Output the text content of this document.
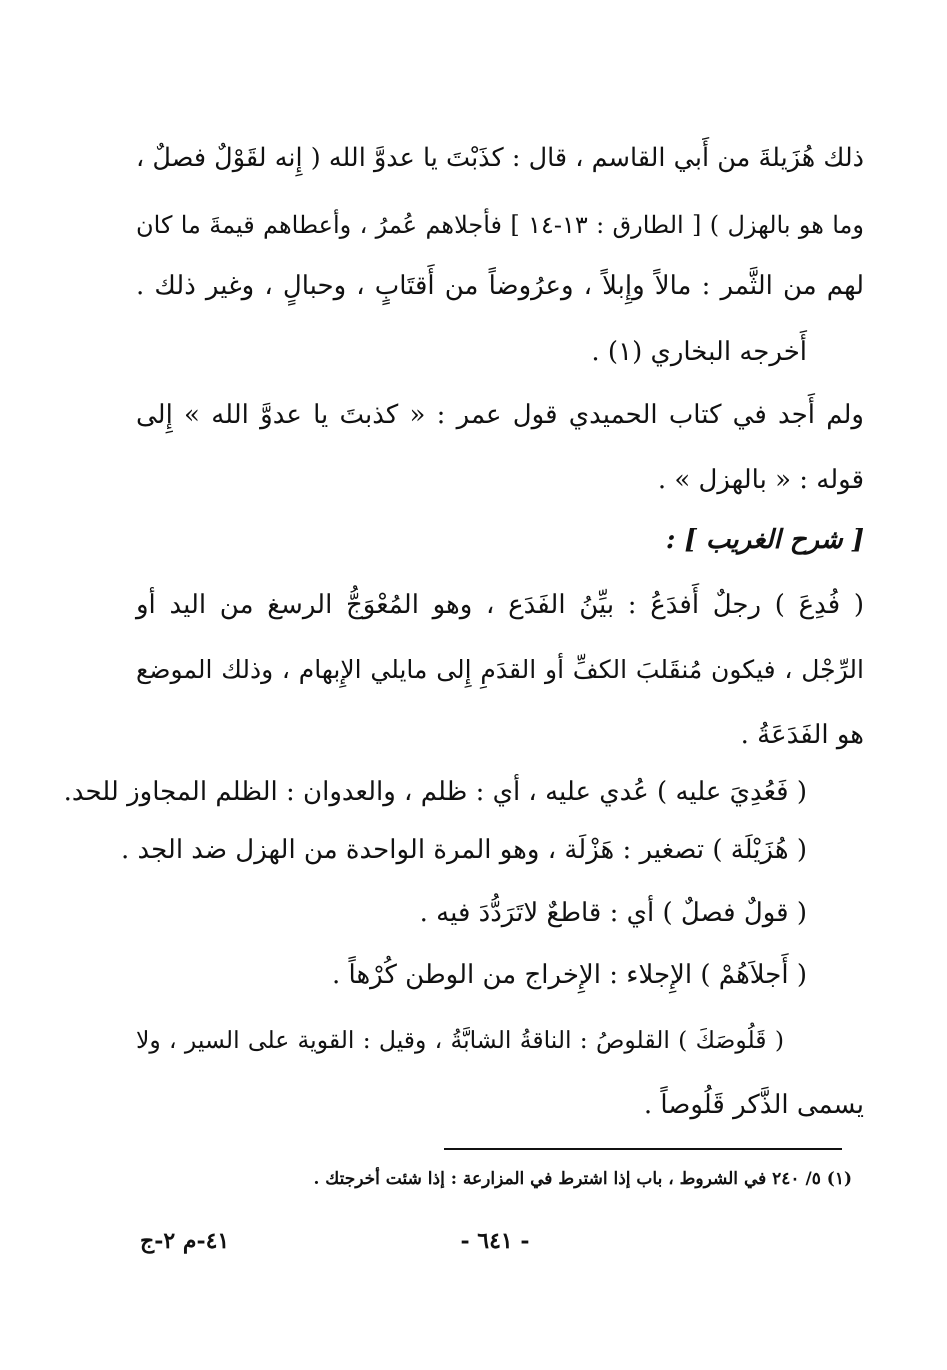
ذلك هُزَيلةَ من أَبي القاسم ، قال : كذَبْتَ يا عدوَّ الله ( إِنه لقَوْلٌ فصلٌ ،
وما هو بالهزل ) [ الطارق : ١٣-١٤ ] فأجلاهم عُمرُ ، وأعطاهم قيمةَ ما كان
لهم من الثَّمر : مالاً وإِبلاً ، وعرُوضاً من أَقتَابٍ ، وحبالٍ ، وغير ذلك .
أَخرجه البخاري (١) .
ولم أَجد في كتاب الحميدي قول عمر : « كذبتَ يا عدوَّ الله » إِلى
قوله : « بالهزل » .
[ شرح الغريب ] :
( فُدِعَ ) رجلٌ أَفدَعُ : بيِّنُ الفَدَع ، وهو المُعْوَجُّ الرسغ من اليد أو
الرِّجْل ، فيكون مُنقَلبَ الكفِّ أو القدَمِ إِلى مايلي الإِبهام ، وذلك الموضع
هو الفَدَعَةُ .
( فَعُدِيَ عليه ) عُدي عليه ، أي : ظلم ، والعدوان : الظلم المجاوز للحد.
( هُزَيْلَة ) تصغير : هَزْلَة ، وهو المرة الواحدة من الهزل ضد الجد .
( قولٌ فصلٌ ) أي : قاطعٌ لاتَرَدُّدَ فيه .
( أَجلاَهُمْ ) الإِجلاء : الإِخراج من الوطن كُرْهاً .
( قَلُوصَكَ ) القلوصُ : الناقةُ الشابَّةُ ، وقيل : القوية على السير ، ولا
يسمى الذَّكر قَلُوصاً .
(١) ٥/ ٢٤٠ في الشروط ، باب إذا اشترط في المزارعة : إذا شئت أخرجتك .
- ٦٤١ -
٤١-م ٢-ج
